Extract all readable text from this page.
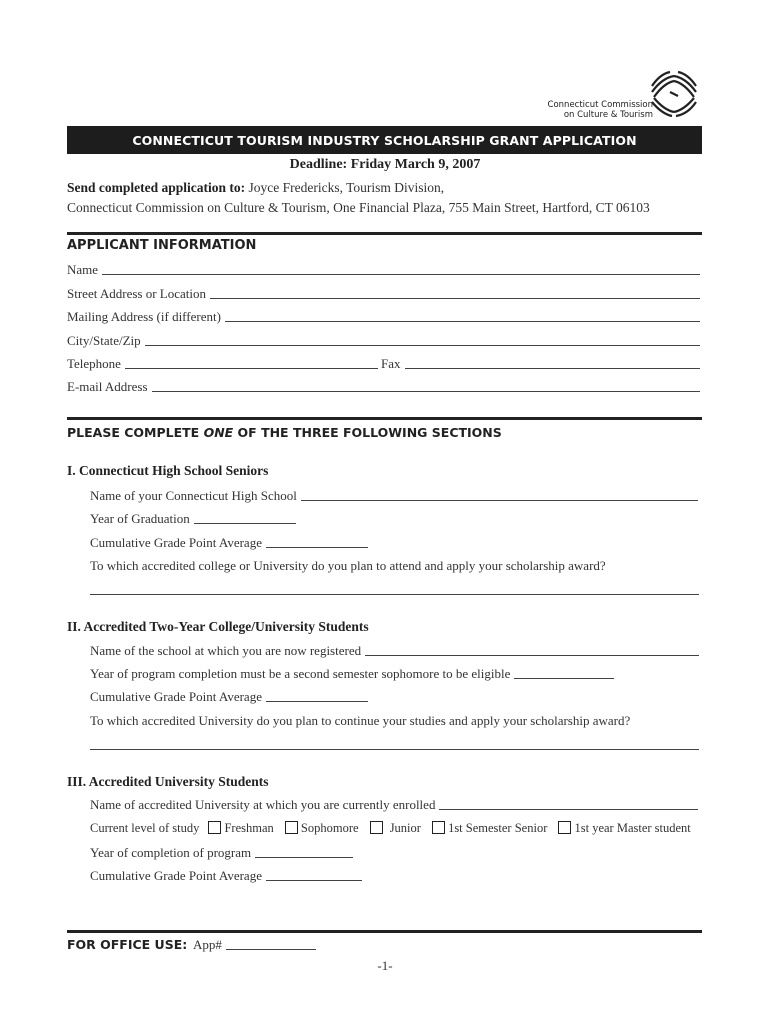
Connecticut Commission
on Culture & Tourism
CONNECTICUT TOURISM INDUSTRY SCHOLARSHIP GRANT APPLICATION
Deadline: Friday March 9, 2007
Send completed application to: Joyce Fredericks, Tourism Division,
Connecticut Commission on Culture & Tourism, One Financial Plaza, 755 Main Street, Hartford, CT 06103
APPLICANT INFORMATION
Name
Street Address or Location
Mailing Address (if different)
City/State/Zip
Telephone	Fax
E-mail Address
PLEASE COMPLETE ONE OF THE THREE FOLLOWING SECTIONS
I. Connecticut High School Seniors
Name of your Connecticut High School
Year of Graduation
Cumulative Grade Point Average
To which accredited college or University do you plan to attend and apply your scholarship award?
II. Accredited Two-Year College/University Students
Name of the school at which you are now registered
Year of program completion must be a second semester sophomore to be eligible
Cumulative Grade Point Average
To which accredited University do you plan to continue your studies and apply your scholarship award?
III. Accredited University Students
Name of accredited University at which you are currently enrolled
Current level of study Freshman Sophomore Junior 1st Semester Senior 1st year Master student
Year of completion of program
Cumulative Grade Point Average
FOR OFFICE USE: App#
-1-
